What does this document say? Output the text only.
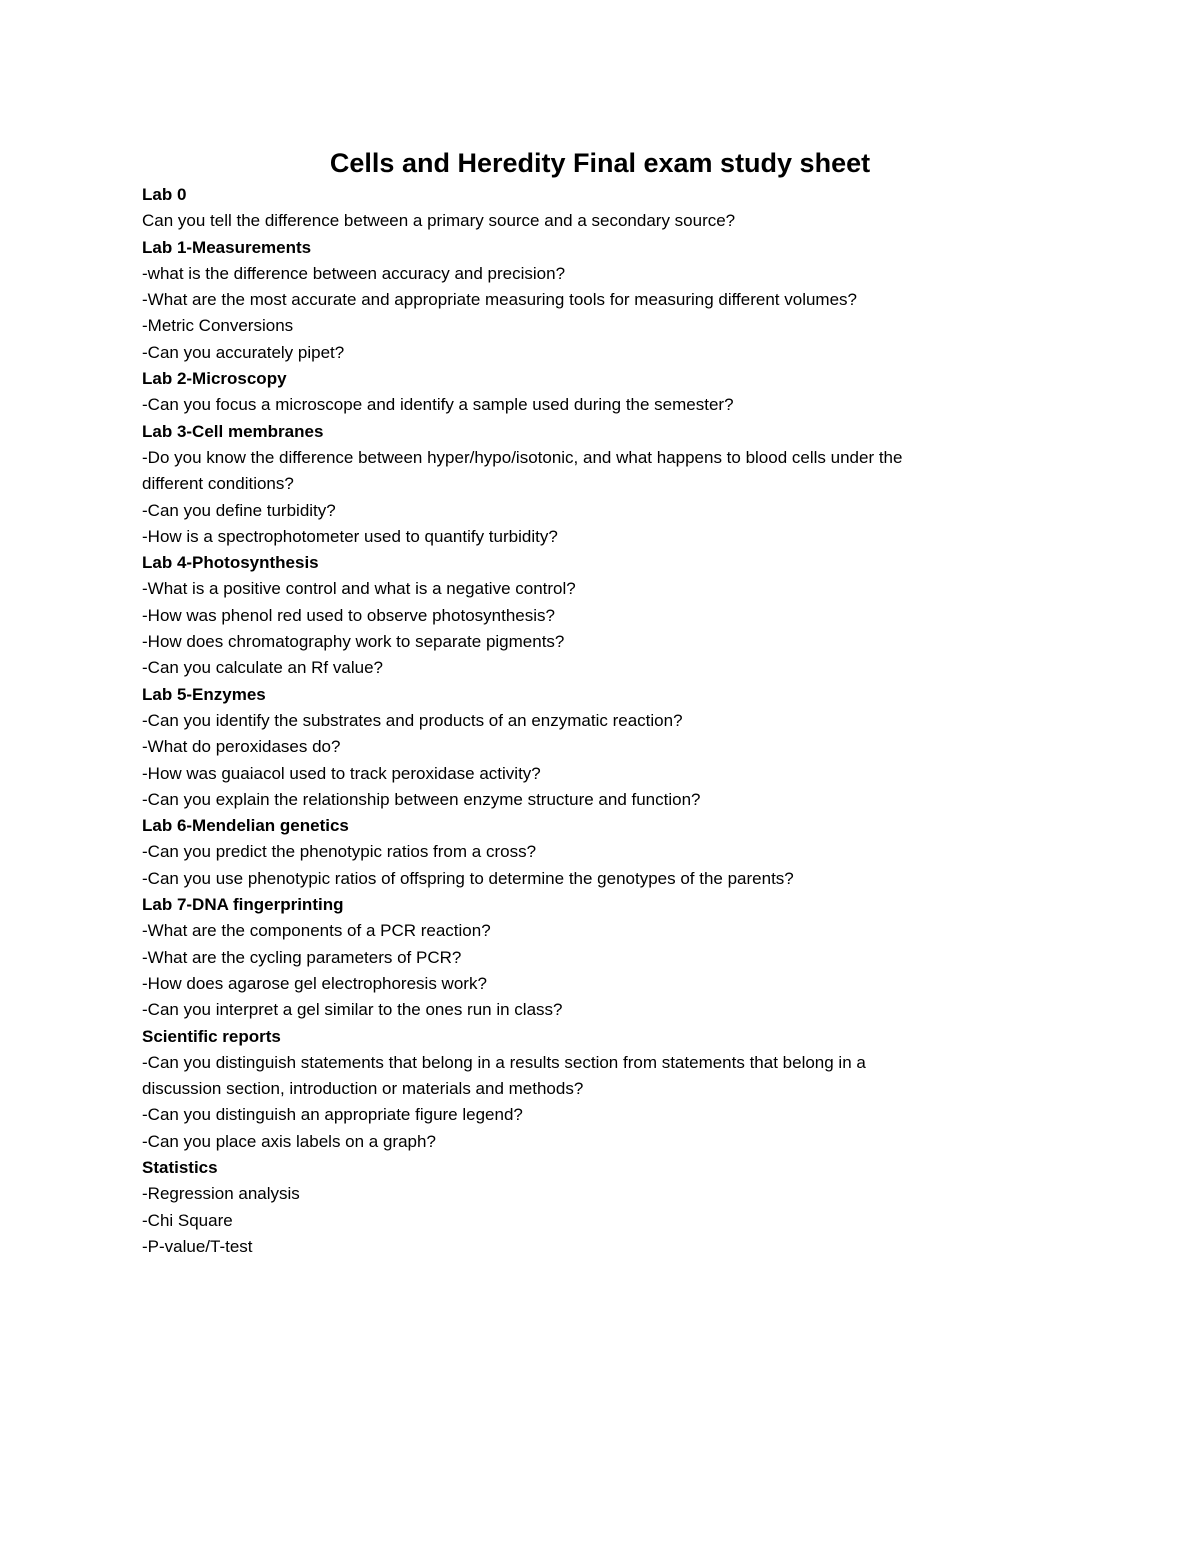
Cells and Heredity Final exam study sheet
Lab 0
Can you tell the difference between a primary source and a secondary source?
Lab 1-Measurements
-what is the difference between accuracy and precision?
-What are the most accurate and appropriate measuring tools for measuring different volumes?
-Metric Conversions
-Can you accurately pipet?
Lab 2-Microscopy
-Can you focus a microscope and identify a sample used during the semester?
Lab 3-Cell membranes
-Do you know the difference between hyper/hypo/isotonic, and what happens to blood cells under the
different conditions?
-Can you define turbidity?
-How is a spectrophotometer used to quantify turbidity?
Lab 4-Photosynthesis
-What is a positive control and what is a negative control?
-How was phenol red used to observe photosynthesis?
-How does chromatography work to separate pigments?
-Can you calculate an Rf value?
Lab 5-Enzymes
-Can you identify the substrates and products of an enzymatic reaction?
-What do peroxidases do?
-How was guaiacol used to track peroxidase activity?
-Can you explain the relationship between enzyme structure and function?
Lab 6-Mendelian genetics
-Can you predict the phenotypic ratios from a cross?
-Can you use phenotypic ratios of offspring to determine the genotypes of the parents?
Lab 7-DNA fingerprinting
-What are the components of a PCR reaction?
-What are the cycling parameters of PCR?
-How does agarose gel electrophoresis work?
-Can you interpret a gel similar to the ones run in class?
Scientific reports
-Can you distinguish statements that belong in a results section from statements that belong in a
discussion section, introduction or materials and methods?
-Can you distinguish an appropriate figure legend?
-Can you place axis labels on a graph?
Statistics
-Regression analysis
-Chi Square
-P-value/T-test
